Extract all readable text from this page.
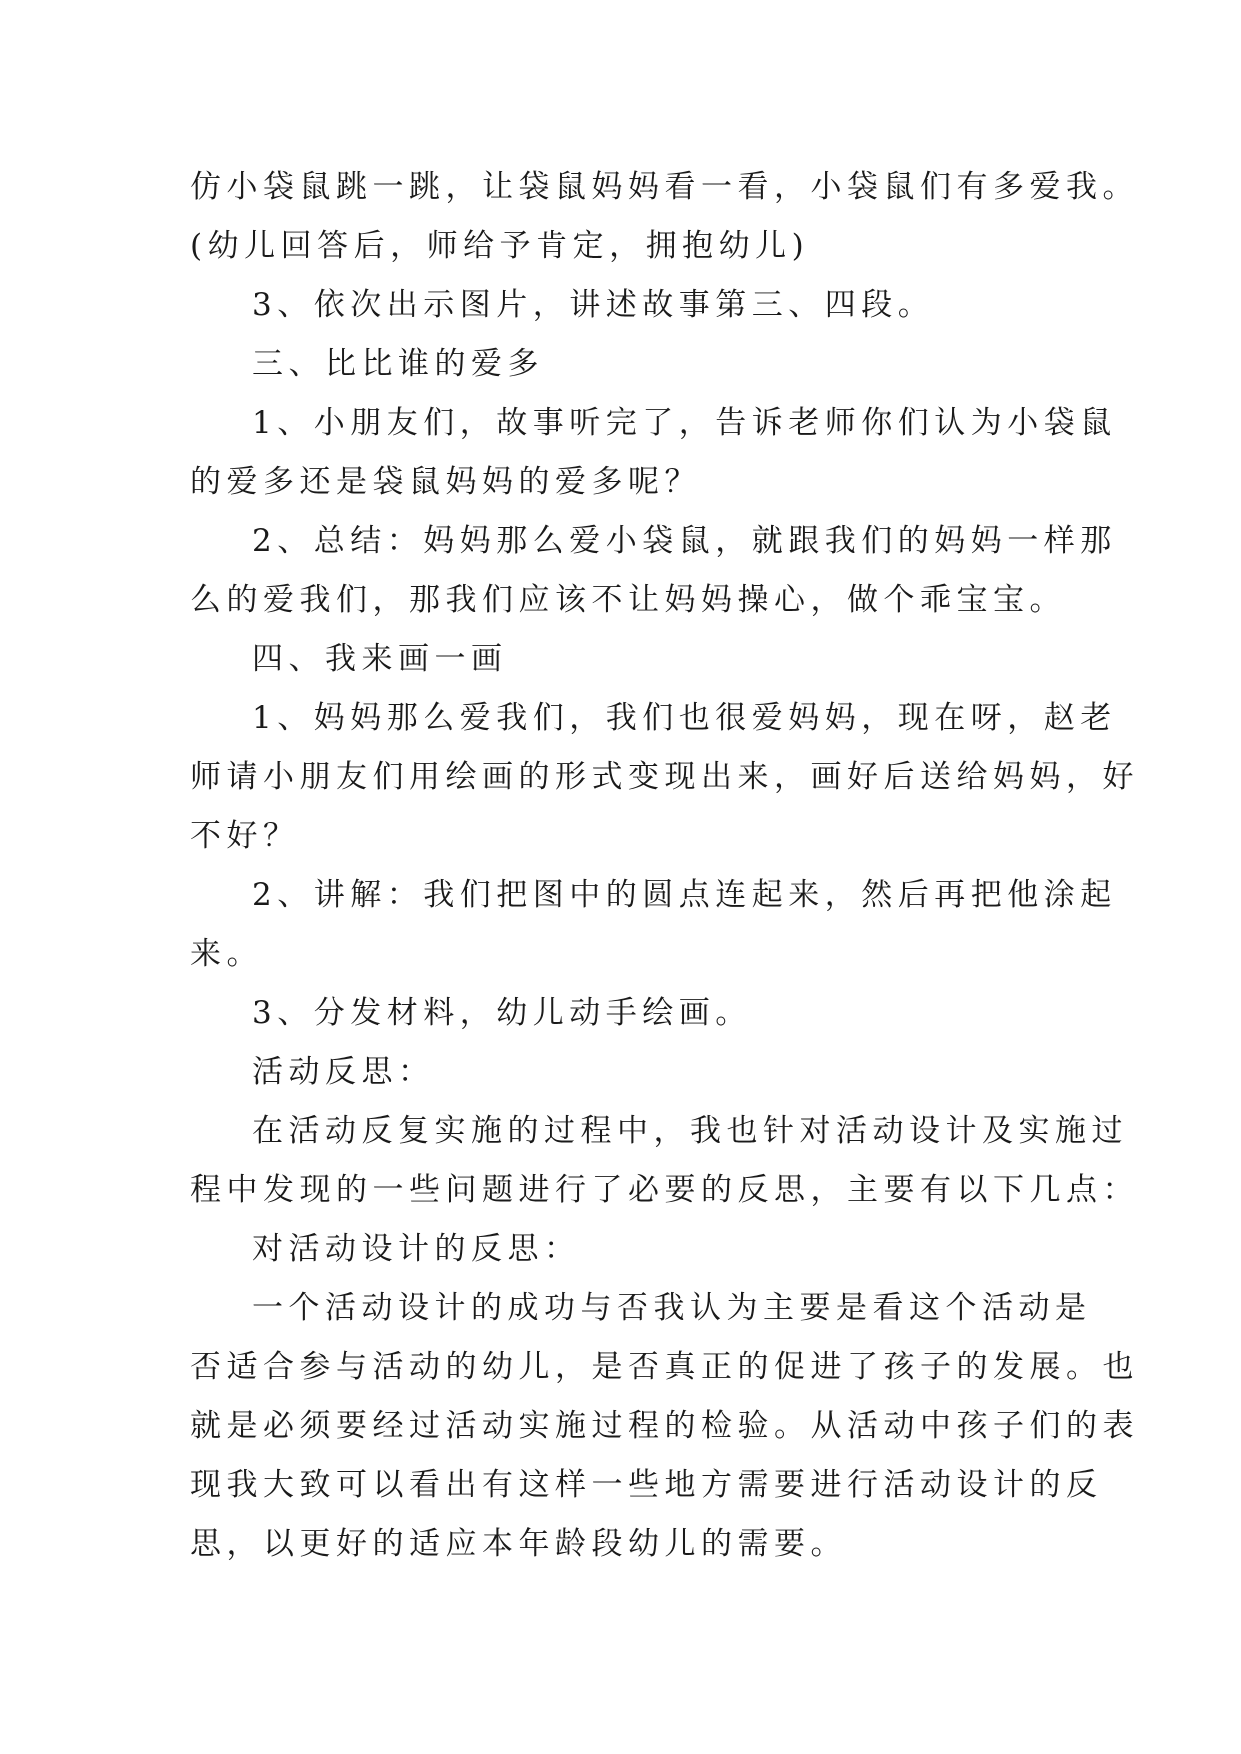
仿小袋鼠跳一跳，让袋鼠妈妈看一看，小袋鼠们有多爱我。
(幼儿回答后，师给予肯定，拥抱幼儿)
3、依次出示图片，讲述故事第三、四段。
三、比比谁的爱多
1、小朋友们，故事听完了，告诉老师你们认为小袋鼠
的爱多还是袋鼠妈妈的爱多呢？
2、总结：妈妈那么爱小袋鼠，就跟我们的妈妈一样那
么的爱我们，那我们应该不让妈妈操心，做个乖宝宝。
四、我来画一画
1、妈妈那么爱我们，我们也很爱妈妈，现在呀，赵老
师请小朋友们用绘画的形式变现出来，画好后送给妈妈，好
不好？
2、讲解：我们把图中的圆点连起来，然后再把他涂起
来。
3、分发材料，幼儿动手绘画。
活动反思：
在活动反复实施的过程中，我也针对活动设计及实施过
程中发现的一些问题进行了必要的反思，主要有以下几点：
对活动设计的反思：
一个活动设计的成功与否我认为主要是看这个活动是
否适合参与活动的幼儿，是否真正的促进了孩子的发展。也
就是必须要经过活动实施过程的检验。从活动中孩子们的表
现我大致可以看出有这样一些地方需要进行活动设计的反
思，以更好的适应本年龄段幼儿的需要。
